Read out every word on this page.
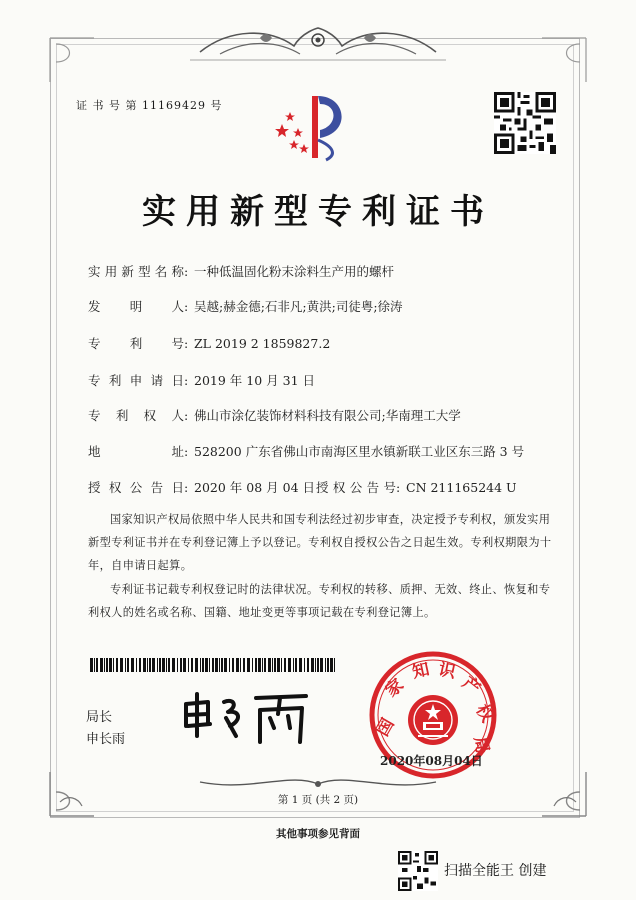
证 书 号 第 11169429 号
实用新型专利证书
实用新型名称: 一种低温固化粉末涂料生产用的螺杆
发 明 人: 吴越;赫金德;石非凡;黄洪;司徒粤;徐涛
专 利 号: ZL 2019 2 1859827.2
专利申请日: 2019 年 10 月 31 日
专 利 权 人: 佛山市涂亿装饰材料科技有限公司;华南理工大学
地 址: 528200 广东省佛山市南海区里水镇新联工业区东三路 3 号
授权公告日: 2020 年 08 月 04 日 授权公告号: CN 211165244 U
国家知识产权局依照中华人民共和国专利法经过初步审查，决定授予专利权，颁发实用新型专利证书并在专利登记簿上予以登记。专利权自授权公告之日起生效。专利权期限为十年，自申请日起算。
专利证书记载专利权登记时的法律状况。专利权的转移、质押、无效、终止、恢复和专利权人的姓名或名称、国籍、地址变更等事项记载在专利登记簿上。
局长
申长雨	国
家
知 识
产
权
局
2020年08月04日
第 1 页 (共 2 页)
其他事项参见背面
扫描全能王 创建
